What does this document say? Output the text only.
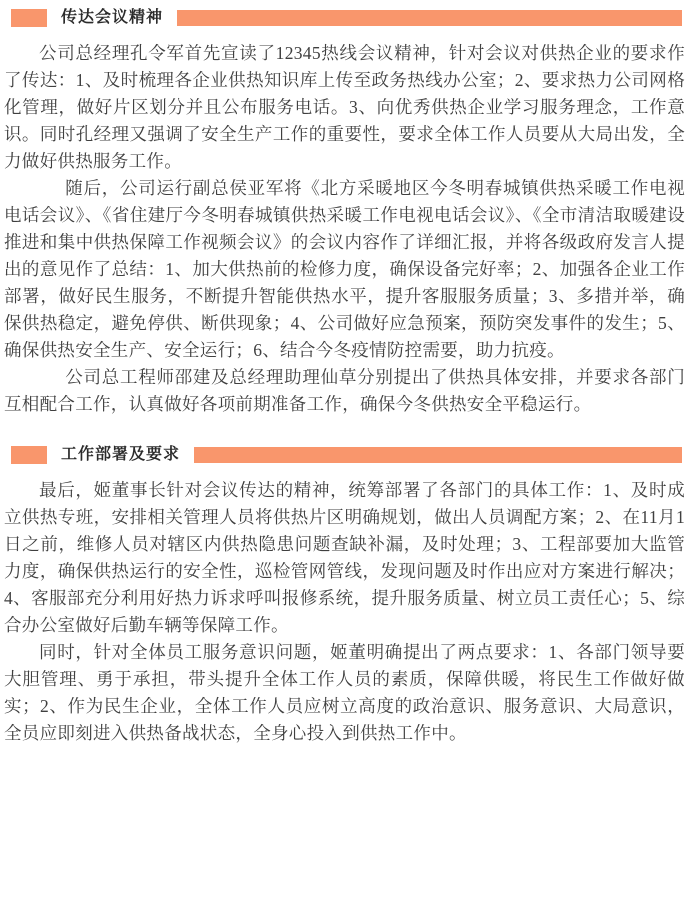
传达会议精神

公司总经理孔令军首先宣读了12345热线会议精神，针对会议对供热企业的要求作了传达：1、及时梳理各企业供热知识库上传至政务热线办公室；2、要求热力公司网格化管理，做好片区划分并且公布服务电话。3、向优秀供热企业学习服务理念，工作意识。同时孔经理又强调了安全生产工作的重要性，要求全体工作人员要从大局出发，全力做好供热服务工作。

随后，公司运行副总侯亚军将《北方采暖地区今冬明春城镇供热采暖工作电视电话会议》、《省住建厅今冬明春城镇供热采暖工作电视电话会议》、《全市清洁取暖建设推进和集中供热保障工作视频会议》的会议内容作了详细汇报，并将各级政府发言人提出的意见作了总结：1、加大供热前的检修力度，确保设备完好率；2、加强各企业工作部署，做好民生服务，不断提升智能供热水平，提升客服服务质量；3、多措并举，确保供热稳定，避免停供、断供现象；4、公司做好应急预案，预防突发事件的发生；5、确保供热安全生产、安全运行；6、结合今冬疫情防控需要，助力抗疫。

公司总工程师邵建及总经理助理仙草分别提出了供热具体安排，并要求各部门互相配合工作，认真做好各项前期准备工作，确保今冬供热安全平稳运行。

工作部署及要求

最后，姬董事长针对会议传达的精神，统筹部署了各部门的具体工作：1、及时成立供热专班，安排相关管理人员将供热片区明确规划，做出人员调配方案；2、在11月1日之前，维修人员对辖区内供热隐患问题查缺补漏，及时处理；3、工程部要加大监管力度，确保供热运行的安全性，巡检管网管线，发现问题及时作出应对方案进行解决；4、客服部充分利用好热力诉求呼叫报修系统，提升服务质量、树立员工责任心；5、综合办公室做好后勤车辆等保障工作。

同时，针对全体员工服务意识问题，姬董明确提出了两点要求：1、各部门领导要大胆管理、勇于承担，带头提升全体工作人员的素质，保障供暖，将民生工作做好做实；2、作为民生企业，全体工作人员应树立高度的政治意识、服务意识、大局意识，全员应即刻进入供热备战状态，全身心投入到供热工作中。
